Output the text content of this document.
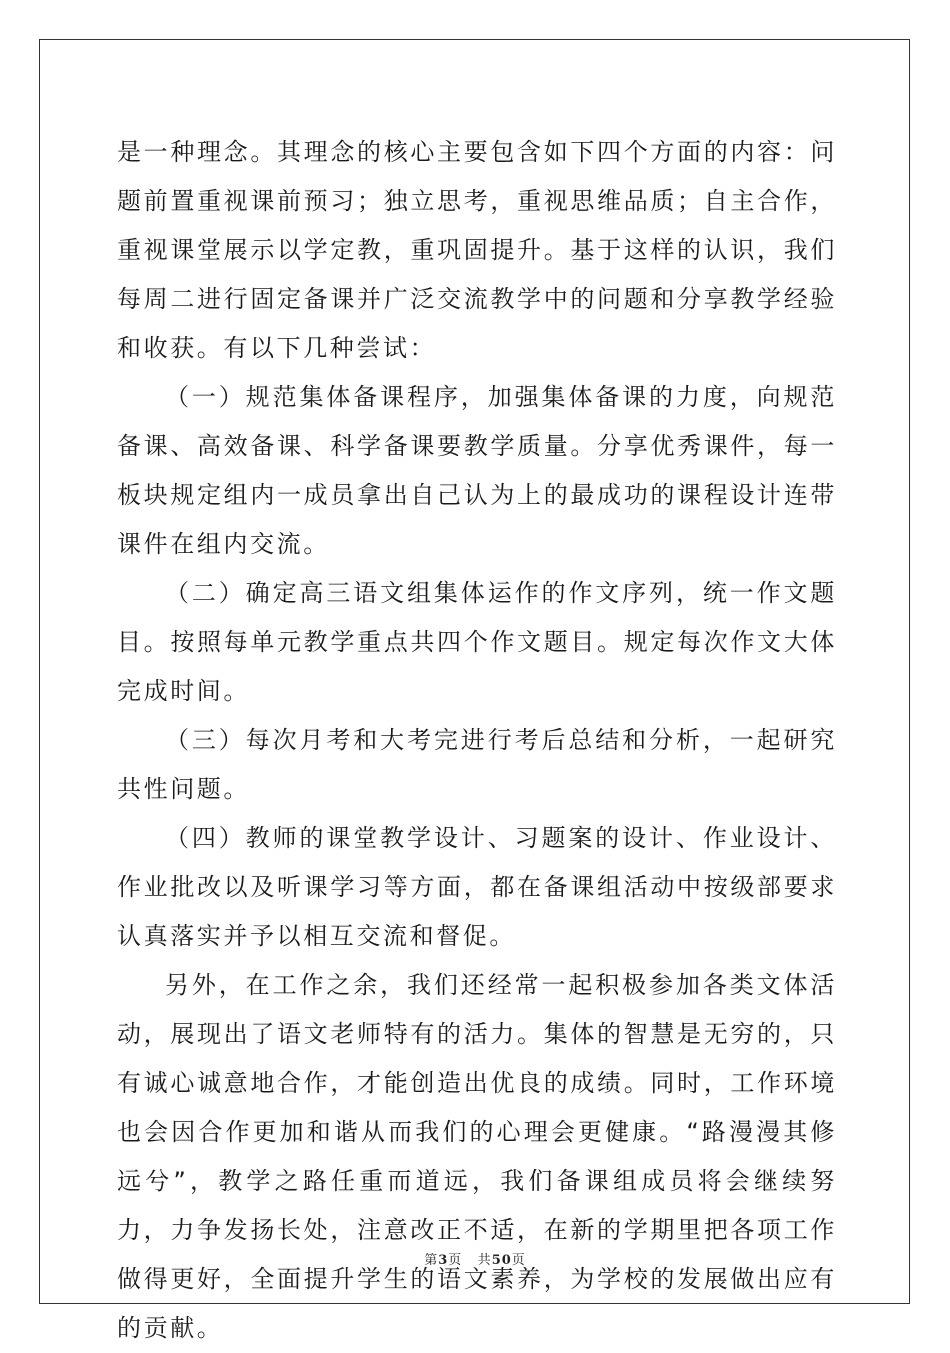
是一种理念。其理念的核心主要包含如下四个方面的内容：问题前置重视课前预习；独立思考，重视思维品质；自主合作，重视课堂展示以学定教，重巩固提升。基于这样的认识，我们每周二进行固定备课并广泛交流教学中的问题和分享教学经验和收获。有以下几种尝试：

（一）规范集体备课程序，加强集体备课的力度，向规范备课、高效备课、科学备课要教学质量。分享优秀课件，每一板块规定组内一成员拿出自己认为上的最成功的课程设计连带课件在组内交流。

（二）确定高三语文组集体运作的作文序列，统一作文题目。按照每单元教学重点共四个作文题目。规定每次作文大体完成时间。

（三）每次月考和大考完进行考后总结和分析，一起研究共性问题。

（四）教师的课堂教学设计、习题案的设计、作业设计、作业批改以及听课学习等方面，都在备课组活动中按级部要求认真落实并予以相互交流和督促。

另外，在工作之余，我们还经常一起积极参加各类文体活动，展现出了语文老师特有的活力。集体的智慧是无穷的，只有诚心诚意地合作，才能创造出优良的成绩。同时，工作环境也会因合作更加和谐从而我们的心理会更健康。“路漫漫其修远兮”，教学之路任重而道远，我们备课组成员将会继续努力，力争发扬长处，注意改正不适，在新的学期里把各项工作做得更好，全面提升学生的语文素养，为学校的发展做出应有的贡献。

第3页 共50页
